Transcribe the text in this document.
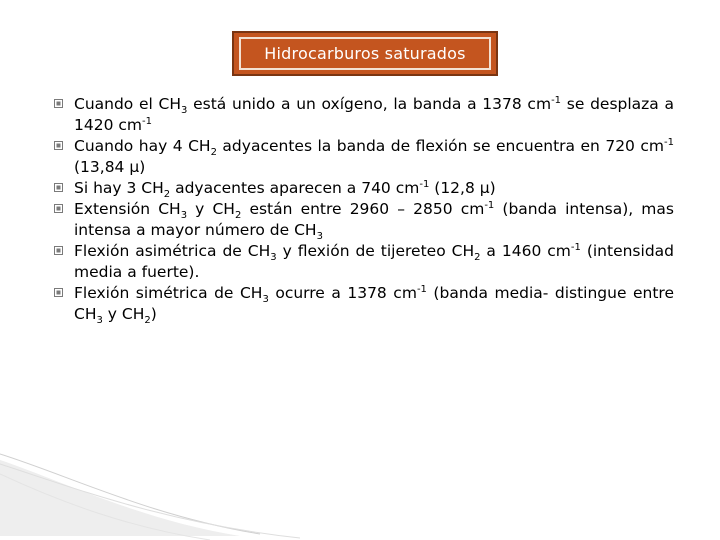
Hidrocarburos saturados
Cuando el $CH_3$ está unido a un oxígeno, la banda a 1378 $cm^{-1}$ se desplaza a 1420 $cm^{-1}$
Cuando hay 4 $CH_2$ adyacentes la banda de flexión se encuentra en 720 $cm^{-1}$ (13,84 µ)
Si hay 3 $CH_2$ adyacentes aparecen a 740 $cm^{-1}$ (12,8 µ)
Extensión $CH_3$ y $CH_2$ están entre 2960 – 2850 $cm^{-1}$ (banda intensa), mas intensa a mayor número de $CH_3$
Flexión asimétrica de $CH_3$ y flexión de tijereteo $CH_2$ a 1460 $cm^{-1}$ (intensidad media a fuerte).
Flexión simétrica de $CH_3$ ocurre a 1378 $cm^{-1}$ (banda media- distingue entre $CH_3$ y $CH_2$)
